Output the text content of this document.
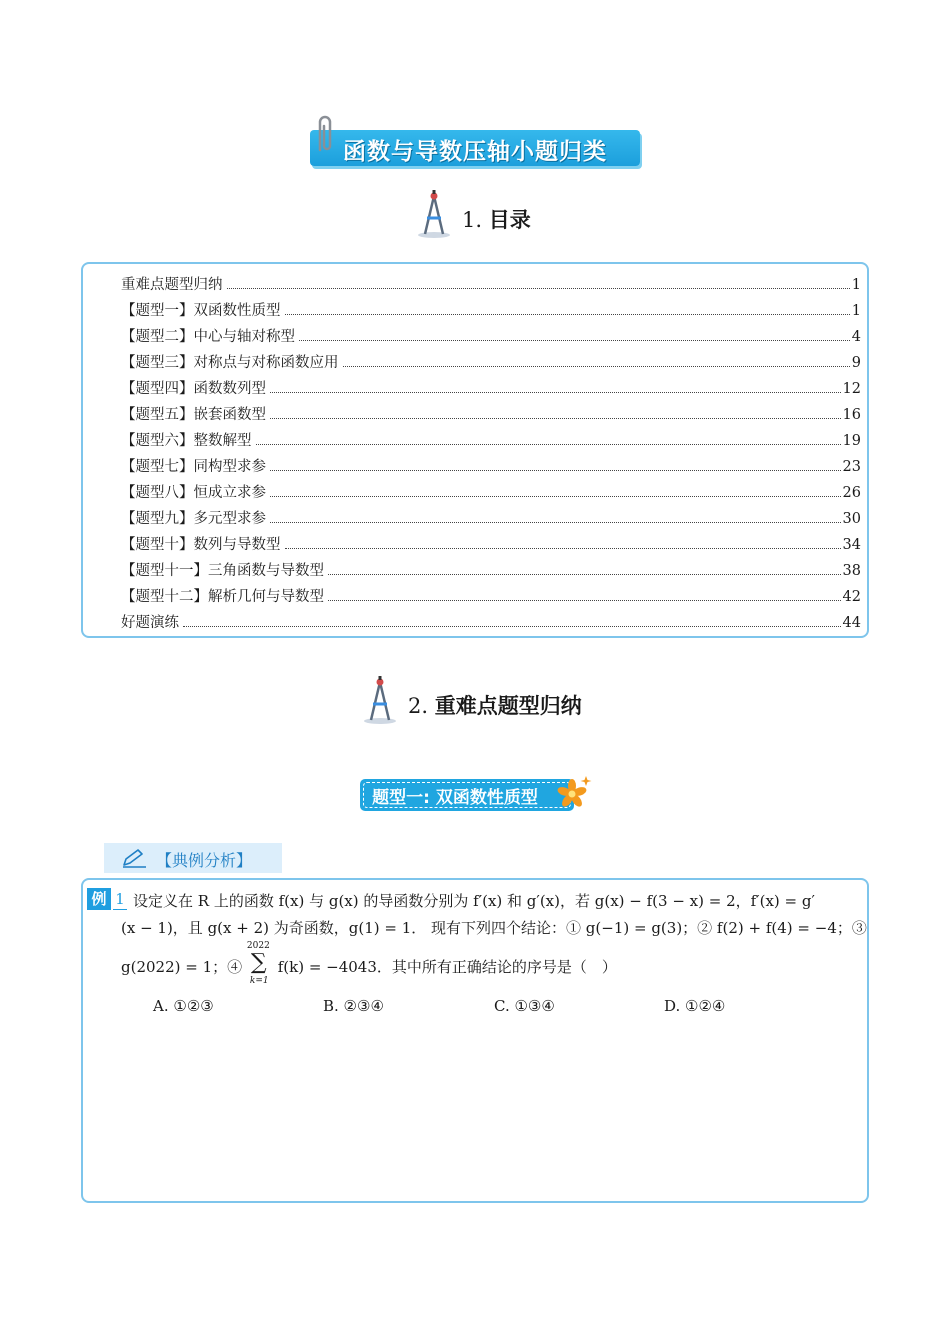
函数与导数压轴小题归类
1. 目录
重难点题型归纳	1
【题型一】双函数性质型	1
【题型二】中心与轴对称型	4
【题型三】对称点与对称函数应用	9
【题型四】函数数列型	12
【题型五】嵌套函数型	16
【题型六】整数解型	19
【题型七】同构型求参	23
【题型八】恒成立求参	26
【题型九】多元型求参	30
【题型十】数列与导数型	34
【题型十一】三角函数与导数型	38
【题型十二】解析几何与导数型	42
好题演练	44
2. 重难点题型归纳
题型一: 双函数性质型
【典例分析】
例 1 设定义在 R 上的函数 f(x) 与 g(x) 的导函数分别为 f′(x) 和 g′(x)，若 g(x) − f(3 − x) = 2，f′(x) = g′
(x − 1)，且 g(x + 2) 为奇函数，g(1) = 1． 现有下列四个结论：① g(−1) = g(3)；② f(2) + f(4) = −4；③
g(2022) = 1；④
2022
∑
k=1
f(k) = −4043．其中所有正确结论的序号是（　）
A. ①②③	B. ②③④	C. ①③④	D. ①②④
